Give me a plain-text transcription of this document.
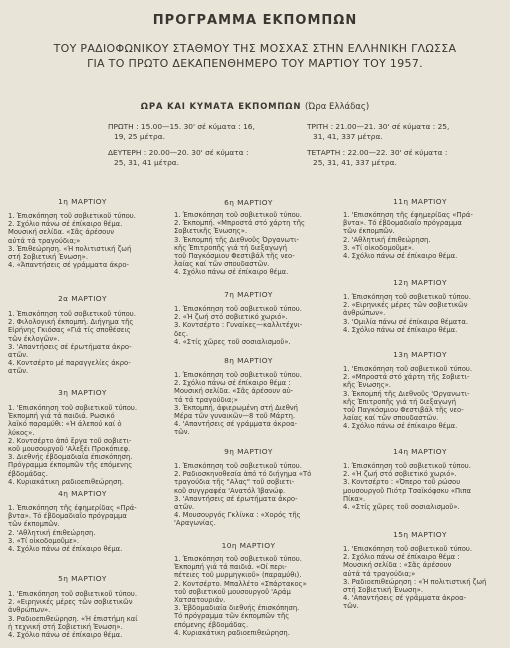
ΠΡΟΓΡΑΜΜΑ ΕΚΠΟΜΠΩΝ
ΤΟΥ ΡΑΔΙΟΦΩΝΙΚΟΥ ΣΤΑΘΜΟΥ ΤΗΣ ΜΟΣΧΑΣ ΣΤΗΝ ΕΛΛΗΝΙΚΗ ΓΛΩΣΣΑ
ΓΙΑ ΤΟ ΠΡΩΤΟ ΔΕΚΑΠΕΝΘΗΜΕΡΟ ΤΟΥ ΜΑΡΤΙΟΥ ΤΟΥ 1957.
ΩΡΑ ΚΑΙ ΚΥΜΑΤΑ ΕΚΠΟΜΠΩΝ (Ώρα Ελλάδας)
ΠΡΩΤΗ : 15.00—15. 30' σέ κύματα : 16,
19, 25 μέτρα.
ΔΕΥΤΕΡΗ : 20.00—20. 30' σέ κύματα :
25, 31, 41 μέτρα.
ΤΡΙΤΗ : 21.00—21. 30' σέ κύματα : 25,
31, 41, 337 μέτρα.
ΤΕΤΑΡΤΗ : 22.00—22. 30' σέ κύματα :
25, 31, 41, 337 μέτρα.
1η ΜΑΡΤΙΟΥ
1. Έπισκόπηση τοῦ σοβιετικοῦ τύπου.
2. Σχόλιο πάνω σέ έπίκαιρο θέμα.
Μουσική σελίδα. «Σᾶς άρέσουν
αὐτά τά τραγούδια;»
3. Έπιθεώρηση. «Ή πολιτιστική ζωή
στή Σοβιετική Ένωση».
4. «Άπαντήσεις σέ γράμματα άκρο-
2α ΜΑΡΤΙΟΥ
1. Έπισκόπηση τοῦ σοβιετικοῦ τύπου.
2. Φιλολογική έκπομπή. Διήγημα τῆς
Εἰρήνης Γκιόσας «Γιά τίς σποθέσεις
τῶν έκλογῶν».
3. 'Απαντήσεις σέ έρωτήματα άκρο-
ατῶν.
4. Κοντσέρτο μέ παραγγελίες άκρο-
ατῶν.
3η ΜΑΡΤΙΟΥ
1. 'Επισκόπηση τοῦ σοβιετικοῦ τύπου.
Έκπομπή γιά τά παιδιά. Ρωσικό
λαϊκό παραμύθι: «Ή άλεπού καί ὁ
λύκος».
2. Κοντσέρτο ἀπό ἔργα τοῦ σοβιετι-
κοῦ μουσουργοῦ 'Αλεξέι Προκόπιεφ.
3. Διεθνής έβδομαδιαία έπισκόπηση.
Πρόγραμμα έκπομπῶν τῆς επόμενης
έβδομάδας.
4. Κυριακάτικη ραδιοεπιθεώρηση.
4η ΜΑΡΤΙΟΥ
1. Έπισκόπηση τῆς έφημερίδας «Πρά-
βντα». Τό έβδομαδιαῖο πρόγραμμα
τῶν έκπομπῶν.
2. 'Αθλητική έπιθεώρηση.
3. «Τί οἰκοδομοῦμε».
4. Σχόλιο πάνω σέ έπίκαιρο θέμα.
5η ΜΑΡΤΙΟΥ
1. 'Επισκόπηση τοῦ σοβιετικοῦ τύπου.
2. «Ειρηνικές μέρες τῶν σοβιετικῶν
ἀνθρώπων».
3. Ραδιοεπιθεώρηση. «Ή ἐπιστήμη καί
ἡ τεχνική στή Σοβιετική Ένωση».
4. Σχόλιο πάνω σέ έπίκαιρο θέμα.
6η ΜΑΡΤΙΟΥ
1. Έπισκόπηση τοῦ σοβιετικοῦ τύπου.
2. Έκπομπή. «Μπροστά στό χάρτη τῆς
Σοβιετικῆς Ένωσης».
3. Έκπομπή τῆς Διεθνοῦς Όργανωτι-
κῆς Έπιτροπῆς γιά τή διεξαγωγή
τοῦ Παγκόσμιου Φεστιβάλ τῆς νεο-
λαίας καί τῶν σπουδαστῶν.
4. Σχόλιο πάνω σέ έπίκαιρο θέμα.
7η ΜΑΡΤΙΟΥ
1. Έπισκόπηση τοῦ σοβιετικοῦ τύπου.
2. «Ή ζωή στό σοβιετικό χωριό».
3. Κοντσέρτο : Γυναίκες—καλλιτέχνι-
δες.
4. «Στίς χῶρες τοῦ σοσιαλισμοῦ».
8η ΜΑΡΤΙΟΥ
1. Έπισκόπηση τοῦ σοβιετικοῦ τύπου.
2. Σχόλιο πάνω σέ έπίκαιρο θέμα :
Μουσική σελίδα. «Σᾶς άρέσουν αὐ-
τά τά τραγούδια;»
3. Έκπομπή, άφιερωμένη στή Διεθνή
Μέρα τῶν γυναικῶν—8 τοῦ Μάρτη.
4. 'Απαντήσεις σέ γράμματα άκροα-
τῶν.
9η ΜΑΡΤΙΟΥ
1. Έπισκόπηση τοῦ σοβιετικοῦ τύπου.
2. Ραδιοσκηνοθεσία ἀπό τό διήγημα «Τό
τραγούδια τῆς "Αλας" τοῦ σοβιετι-
κοῦ συγγραφέα 'Ανατόλ Ίβανώφ.
3. 'Απαντήσεις σέ έρωτήματα άκρο-
ατῶν.
4. Μουσουργός Γκλίνκα : «Χορός τῆς
'Αραγωνίας.
10η ΜΑΡΤΙΟΥ
1. Έπισκόπηση τοῦ σοβιετικοῦ τύπου.
Έκπομπή γιά τά παιδιά. «Οί περι-
πέτειες τοῦ μυρμηγκιοῦ» (παραμύθι).
2. Κοντσέρτο. Μπαλλέτο «Σπάρτακος»
τοῦ σοβιετικοῦ μουσουργοῦ 'Αράμ
Χατσατουριάν.
3. Έβδομαδιαία διεθνής έπισκόπηση.
Τό πρόγραμμα τῶν έκπομπῶν τῆς
επόμενης έβδομάδας.
4. Κυριακάτικη ραδιοεπιθεώρηση.
11η ΜΑΡΤΙΟΥ
1. 'Επισκόπηση τῆς έφημερίδας «Πρά-
βντα». Τό έβδομαδιαῖο πρόγραμμα
τῶν έκπομπῶν.
2. 'Αθλητική έπιθεώρηση.
3. «Τί οἰκοδομοῦμε».
4. Σχόλιο πάνω σέ έπίκαιρο θέμα.
12η ΜΑΡΤΙΟΥ
1. Έπισκόπηση τοῦ σοβιετικοῦ τύπου.
2. «Ειρηνικές μέρες τῶν σοβιετικῶν
ἀνθρώπων».
3. 'Ομιλία πάνω σέ έπίκαιρα θέματα.
4. Σχόλιο πάνω σέ έπίκαιρο θέμα.
13η ΜΑΡΤΙΟΥ
1. 'Επισκόπηση τοῦ σοβιετικοῦ τύπου.
2. «Μπροστά στό χάρτη τῆς Σοβιετι-
κῆς Ένωσης».
3. Έκπομπή τῆς Διεθνοῦς 'Οργανωτι-
κῆς Έπιτροπῆς γιά τή διεξαγωγή
τοῦ Παγκόσμιου Φεστιβάλ τῆς νεο-
λαίας καί τῶν σπουδαστῶν.
4. Σχόλιο πάνω σέ έπίκαιρο θέμα.
14η ΜΑΡΤΙΟΥ
1. Έπισκόπηση τοῦ σοβιετικοῦ τύπου.
2. «Ή ζωή στό σοβιετικό χωριό».
3. Κοντσέρτο : «Όπερο τοῦ ρώσου
μουσουργοῦ Πιότρ Τσαϊκόφσκυ «Πιπα
Πίκα».
4. «Στίς χῶρες τοῦ σοσιαλισμοῦ».
15η ΜΑΡΤΙΟΥ
1. 'Επισκόπηση τοῦ σοβιετικοῦ τύπου.
2. Σχόλιο πάνω σέ έπίκαιρο θέμα :
Μουσική σελίδα : «Σᾶς άρέσουν
αὐτά τά τραγούδια;»
3. Ραδιοεπιθεώρηση : «Ή πολιτιστική ζωή
στή Σοβιετική Ένωση».
4. 'Απαντήσεις σέ γράμματα άκροα-
τῶν.
